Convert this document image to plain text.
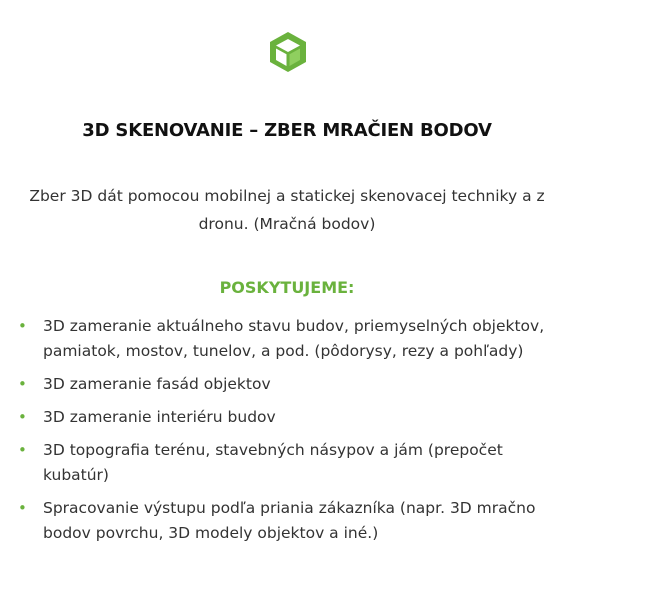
3D SKENOVANIE – ZBER MRAČIEN BODOV

Zber 3D dát pomocou mobilnej a statickej skenovacej techniky a z dronu. (Mračná bodov)

POSKYTUJEME:
• 3D zameranie aktuálneho stavu budov, priemyselných objektov, pamiatok, mostov, tunelov, a pod. (pôdorysy, rezy a pohľady)
• 3D zameranie fasád objektov
• 3D zameranie interiéru budov
• 3D topografia terénu, stavebných násypov a jám (prepočet kubatúr)
• Spracovanie výstupu podľa priania zákazníka (napr. 3D mračno bodov povrchu, 3D modely objektov a iné.)
